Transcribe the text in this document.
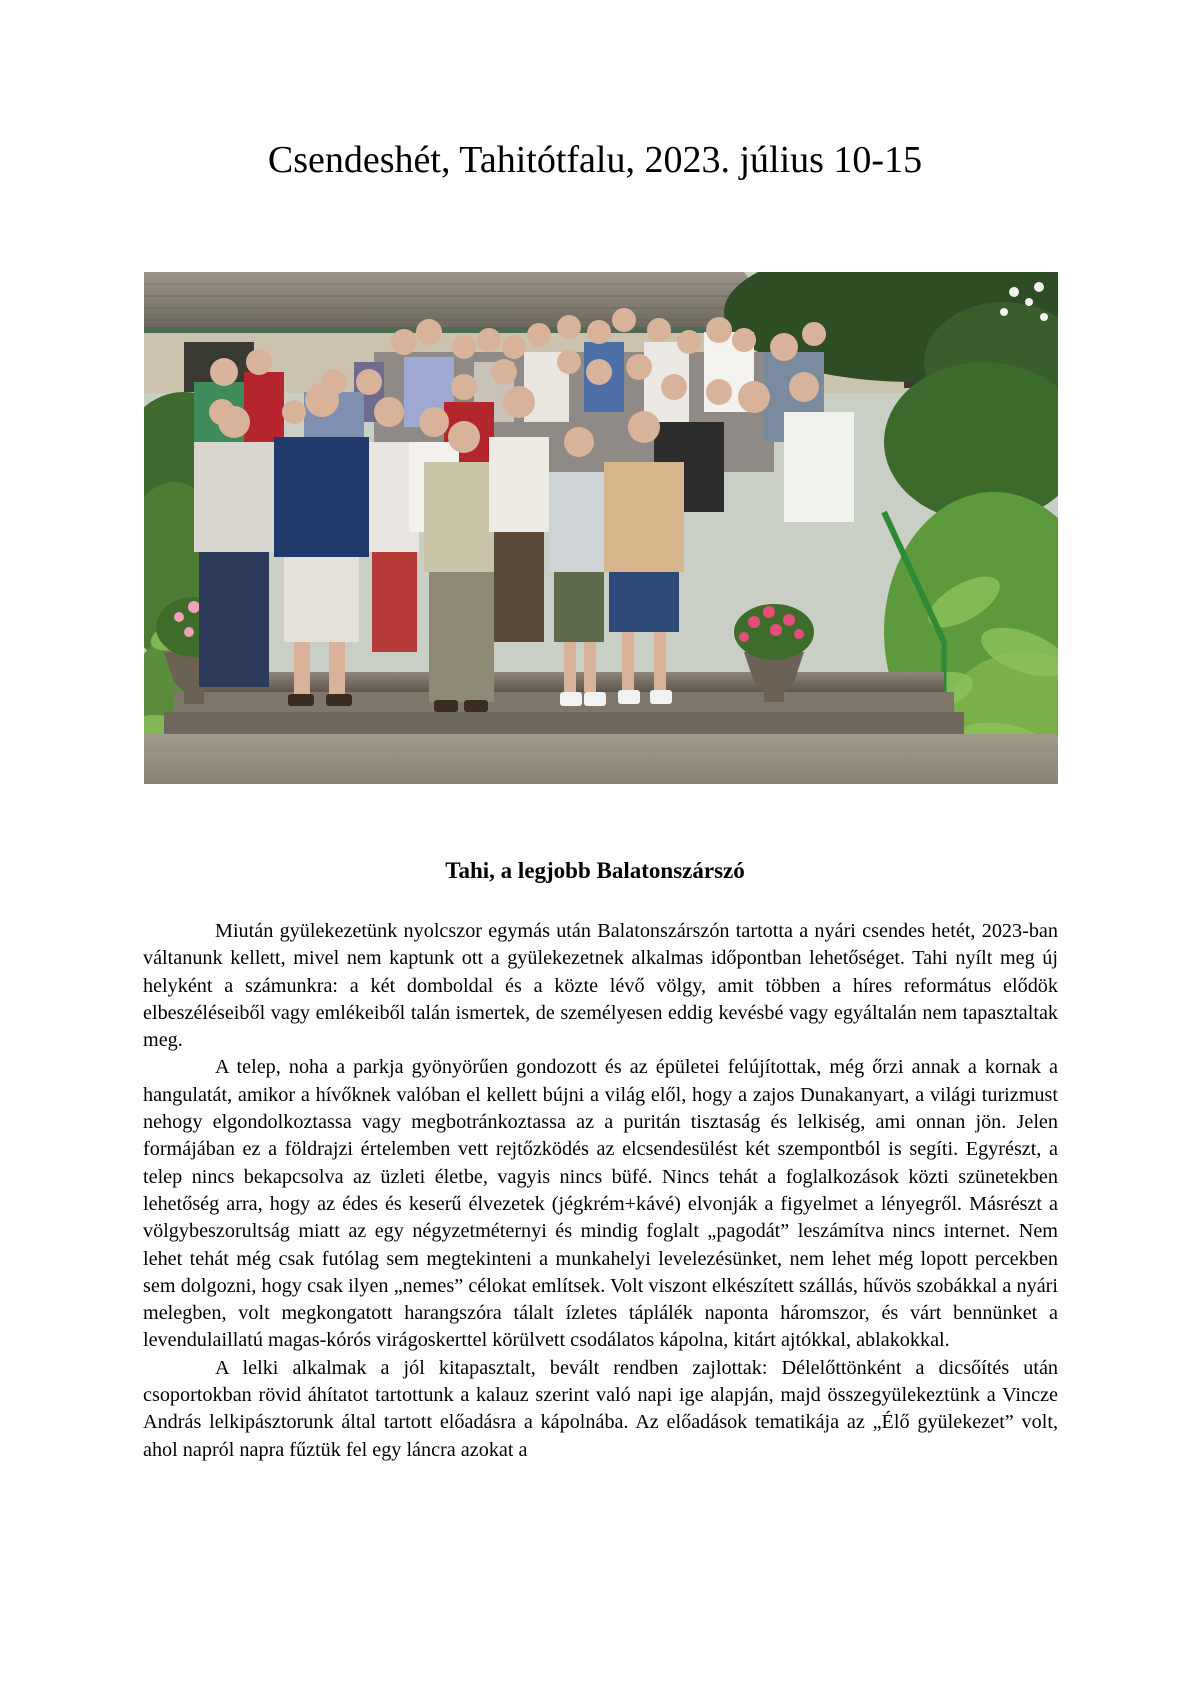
Csendeshét, Tahitótfalu, 2023. július 10-15
Tahi, a legjobb Balatonszárszó

Miután gyülekezetünk nyolcszor egymás után Balatonszárszón tartotta a nyári csendes hetét, 2023-ban váltanunk kellett, mivel nem kaptunk ott a gyülekezetnek alkalmas időpontban lehetőséget. Tahi nyílt meg új helyként a számunkra: a két domboldal és a közte lévő völgy, amit többen a híres református elődök elbeszéléseiből vagy emlékeiből talán ismertek, de személyesen eddig kevésbé vagy egyáltalán nem tapasztaltak meg.

A telep, noha a parkja gyönyörűen gondozott és az épületei felújítottak, még őrzi annak a kornak a hangulatát, amikor a hívőknek valóban el kellett bújni a világ elől, hogy a zajos Dunakanyart, a világi turizmust nehogy elgondolkoztassa vagy megbotránkoztassa az a puritán tisztaság és lelkiség, ami onnan jön. Jelen formájában ez a földrajzi értelemben vett rejtőzködés az elcsendesülést két szempontból is segíti. Egyrészt, a telep nincs bekapcsolva az üzleti életbe, vagyis nincs büfé. Nincs tehát a foglalkozások közti szünetekben lehetőség arra, hogy az édes és keserű élvezetek (jégkrém+kávé) elvonják a figyelmet a lényegről. Másrészt a völgybeszorultság miatt az egy négyzetméternyi és mindig foglalt „pagodát” leszámítva nincs internet. Nem lehet tehát még csak futólag sem megtekinteni a munkahelyi levelezésünket, nem lehet még lopott percekben sem dolgozni, hogy csak ilyen „nemes” célokat említsek. Volt viszont elkészített szállás, hűvös szobákkal a nyári melegben, volt megkongatott harangszóra tálalt ízletes táplálék naponta háromszor, és várt bennünket a levendulaillatú magas-kórós virágoskerttel körülvett csodálatos kápolna, kitárt ajtókkal, ablakokkal.

A lelki alkalmak a jól kitapasztalt, bevált rendben zajlottak: Délelőttönként a dicsőítés után csoportokban rövid áhítatot tartottunk a kalauz szerint való napi ige alapján, majd összegyülekeztünk a Vincze András lelkipásztorunk által tartott előadásra a kápolnába. Az előadások tematikája az „Élő gyülekezet” volt, ahol napról napra fűztük fel egy láncra azokat a
